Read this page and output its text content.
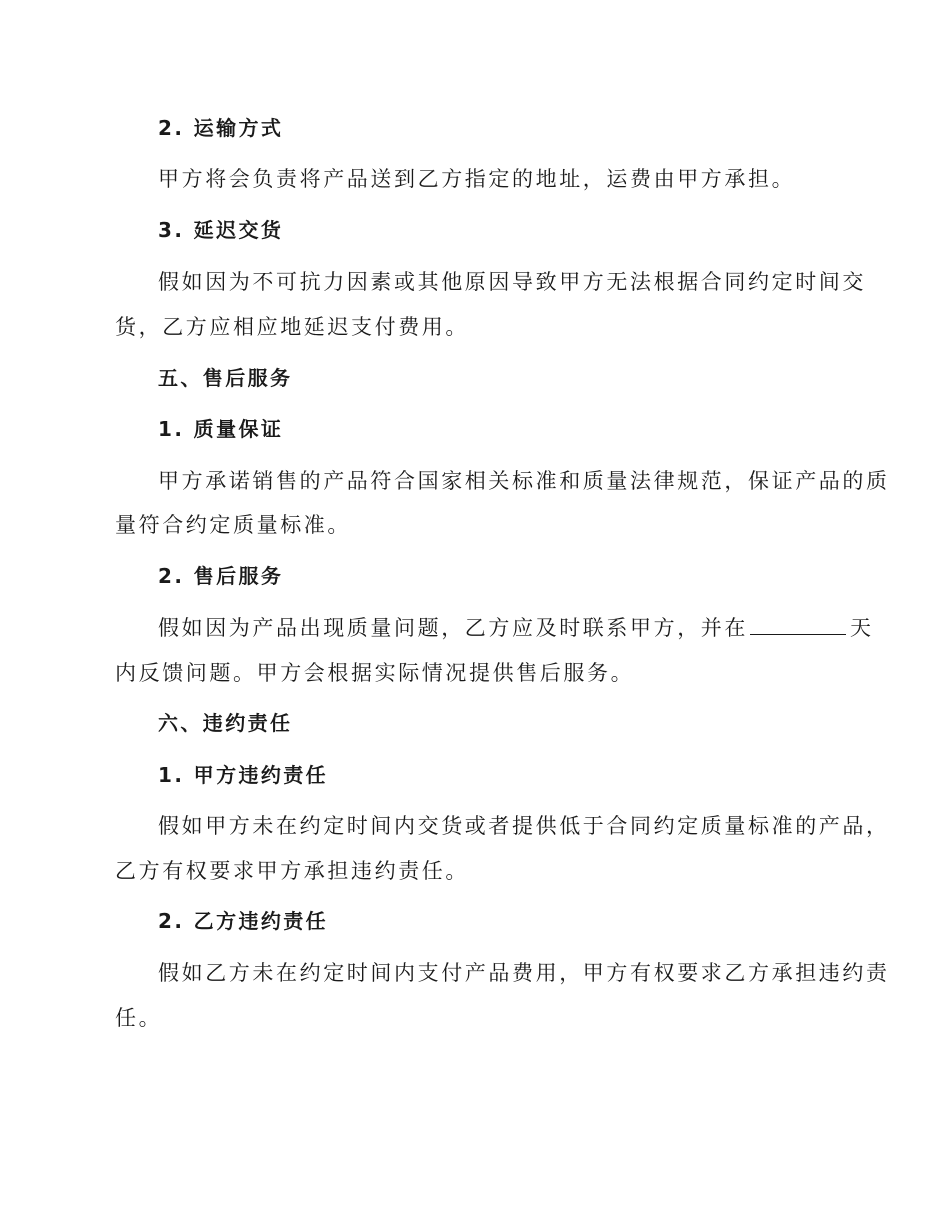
2. 运输方式
甲方将会负责将产品送到乙方指定的地址，运费由甲方承担。
3. 延迟交货
假如因为不可抗力因素或其他原因导致甲方无法根据合同约定时间交
货，乙方应相应地延迟支付费用。
五、售后服务
1. 质量保证
甲方承诺销售的产品符合国家相关标准和质量法律规范，保证产品的质
量符合约定质量标准。
2. 售后服务
假如因为产品出现质量问题，乙方应及时联系甲方，并在	天
内反馈问题。甲方会根据实际情况提供售后服务。
六、违约责任
1. 甲方违约责任
假如甲方未在约定时间内交货或者提供低于合同约定质量标准的产品，
乙方有权要求甲方承担违约责任。
2. 乙方违约责任
假如乙方未在约定时间内支付产品费用，甲方有权要求乙方承担违约责
任。
